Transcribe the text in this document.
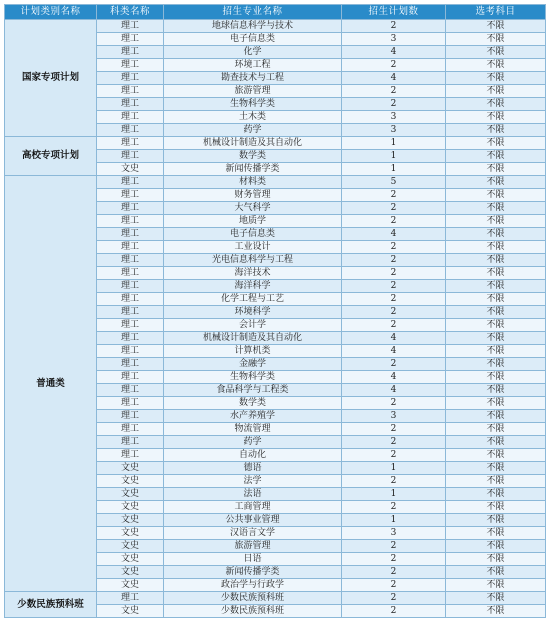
计划类别名称	科类名称	招生专业名称	招生计划数	选考科目
国家专项计划	理工	地球信息科学与技术	2	不限
	理工	电子信息类	3	不限
	理工	化学	4	不限
	理工	环境工程	2	不限
	理工	勘查技术与工程	4	不限
	理工	旅游管理	2	不限
	理工	生物科学类	2	不限
	理工	土木类	3	不限
	理工	药学	3	不限
高校专项计划	理工	机械设计制造及其自动化	1	不限
	理工	数学类	1	不限
	文史	新闻传播学类	1	不限
普通类	理工	材料类	5	不限
	理工	财务管理	2	不限
	理工	大气科学	2	不限
	理工	地质学	2	不限
	理工	电子信息类	4	不限
	理工	工业设计	2	不限
	理工	光电信息科学与工程	2	不限
	理工	海洋技术	2	不限
	理工	海洋科学	2	不限
	理工	化学工程与工艺	2	不限
	理工	环境科学	2	不限
	理工	会计学	2	不限
	理工	机械设计制造及其自动化	4	不限
	理工	计算机类	4	不限
	理工	金融学	2	不限
	理工	生物科学类	4	不限
	理工	食品科学与工程类	4	不限
	理工	数学类	2	不限
	理工	水产养殖学	3	不限
	理工	物流管理	2	不限
	理工	药学	2	不限
	理工	自动化	2	不限
	文史	德语	1	不限
	文史	法学	2	不限
	文史	法语	1	不限
	文史	工商管理	2	不限
	文史	公共事业管理	1	不限
	文史	汉语言文学	3	不限
	文史	旅游管理	2	不限
	文史	日语	2	不限
	文史	新闻传播学类	2	不限
	文史	政治学与行政学	2	不限
少数民族预科班	理工	少数民族预科班	2	不限
	文史	少数民族预科班	2	不限
